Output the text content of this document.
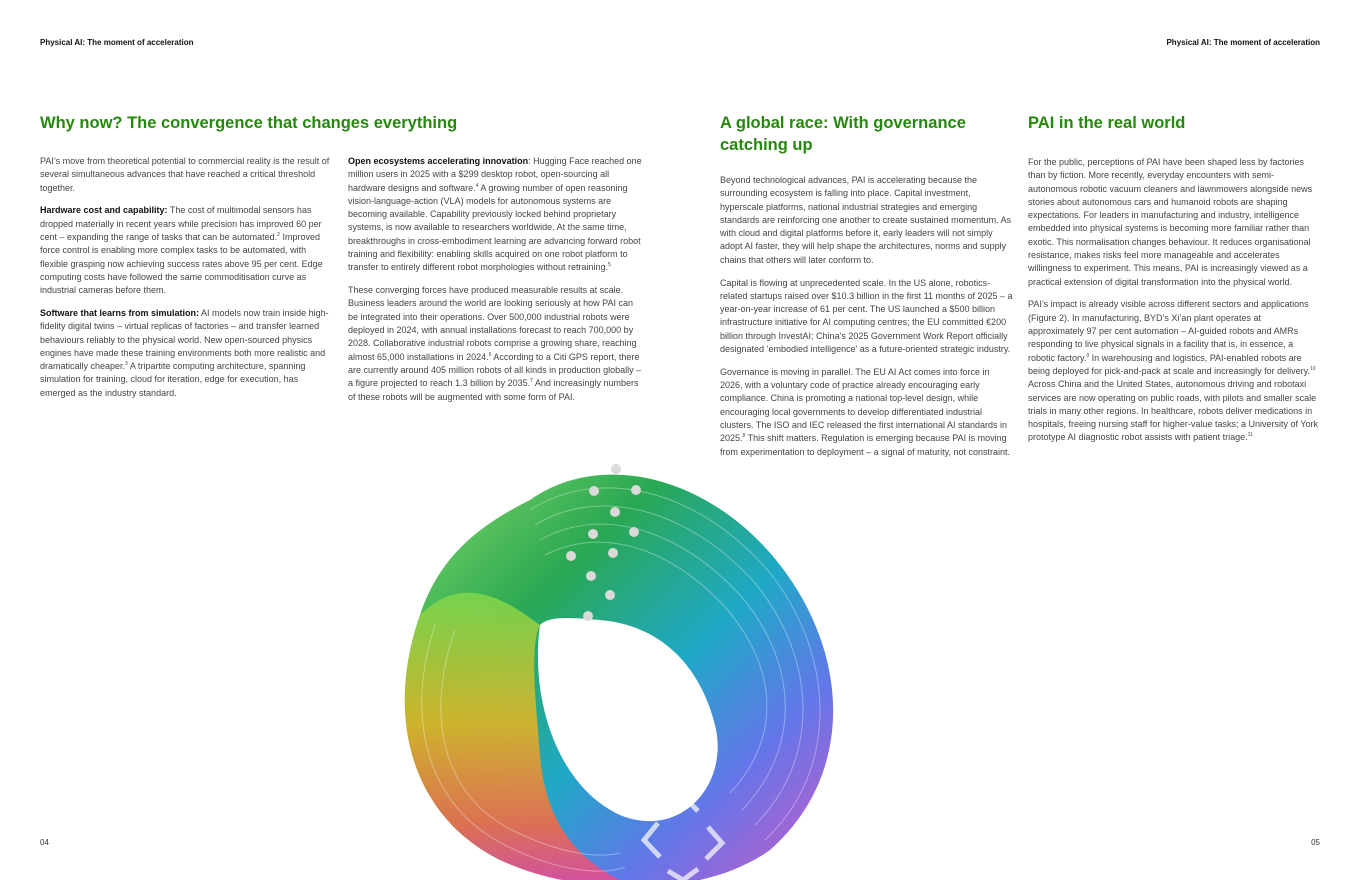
Physical AI: The moment of acceleration	Physical AI: The moment of acceleration
Why now? The convergence that changes everything

PAI’s move from theoretical potential to commercial reality is the result of several simultaneous advances that have reached a critical threshold together.

Hardware cost and capability: The cost of multimodal sensors has dropped materially in recent years while precision has improved 60 per cent – expanding the range of tasks that can be automated.$^2$ Improved force control is enabling more complex tasks to be automated, with flexible grasping now achieving success rates above 95 per cent. Edge computing costs have followed the same commoditisation curve as industrial cameras before them.

Software that learns from simulation: AI models now train inside high-fidelity digital twins – virtual replicas of factories – and transfer learned behaviours reliably to the physical world. New open-sourced physics engines have made these training environments both more realistic and dramatically cheaper.$^3$ A tripartite computing architecture, spanning simulation for training, cloud for iteration, edge for execution, has emerged as the industry standard.

Open ecosystems accelerating innovation: Hugging Face reached one million users in 2025 with a $299 desktop robot, open-sourcing all hardware designs and software.$^4$ A growing number of open reasoning vision-language-action (VLA) models for autonomous systems are becoming available. Capability previously locked behind proprietary systems, is now available to researchers worldwide. At the same time, breakthroughs in cross-embodiment learning are advancing forward robot training and flexibility: enabling skills acquired on one robot platform to transfer to entirely different robot morphologies without retraining.$^5$

These converging forces have produced measurable results at scale. Business leaders around the world are looking seriously at how PAI can be integrated into their operations. Over 500,000 industrial robots were deployed in 2024, with annual installations forecast to reach 700,000 by 2028. Collaborative industrial robots comprise a growing share, reaching almost 65,000 installations in 2024.$^6$ According to a Citi GPS report, there are currently around 405 million robots of all kinds in production globally – a figure projected to reach 1.3 billion by 2035.$^7$ And increasingly numbers of these robots will be augmented with some form of PAI.

A global race: With governance catching up

Beyond technological advances, PAI is accelerating because the surrounding ecosystem is falling into place. Capital investment, hyperscale platforms, national industrial strategies and emerging standards are reinforcing one another to create sustained momentum. As with cloud and digital platforms before it, early leaders will not simply adopt AI faster, they will help shape the architectures, norms and supply chains that others will later conform to.

Capital is flowing at unprecedented scale. In the US alone, robotics-related startups raised over $10.3 billion in the first 11 months of 2025 – a year-on-year increase of 61 per cent. The US launched a $500 billion infrastructure initiative for AI computing centres; the EU committed €200 billion through InvestAI; China’s 2025 Government Work Report officially designated ‘embodied intelligence’ as a future-oriented strategic industry.

Governance is moving in parallel. The EU AI Act comes into force in 2026, with a voluntary code of practice already encouraging early compliance. China is promoting a national top-level design, while encouraging local governments to develop differentiated industrial clusters. The ISO and IEC released the first international AI standards in 2025.$^8$ This shift matters. Regulation is emerging because PAI is moving from experimentation to deployment – a signal of maturity, not constraint.

PAI in the real world

For the public, perceptions of PAI have been shaped less by factories than by fiction. More recently, everyday encounters with semi-autonomous robotic vacuum cleaners and lawnmowers alongside news stories about autonomous cars and humanoid robots are shaping expectations. For leaders in manufacturing and industry, intelligence embedded into physical systems is becoming more familiar rather than exotic. This normalisation changes behaviour. It reduces organisational resistance, makes risks feel more manageable and accelerates willingness to experiment. This means, PAI is increasingly viewed as a practical extension of digital transformation into the physical world.

PAI’s impact is already visible across different sectors and applications (Figure 2). In manufacturing, BYD’s Xi’an plant operates at approximately 97 per cent automation – AI-guided robots and AMRs responding to live physical signals in a facility that is, in essence, a robotic factory.$^9$ In warehousing and logistics, PAI-enabled robots are being deployed for pick-and-pack at scale and increasingly for delivery.$^{10}$ Across China and the United States, autonomous driving and robotaxi services are now operating on public roads, with pilots and smaller scale trials in many other regions. In healthcare, robots deliver medications in hospitals, freeing nursing staff for higher-value tasks; a University of York prototype AI diagnostic robot assists with patient triage.$^{11}$

04	05
